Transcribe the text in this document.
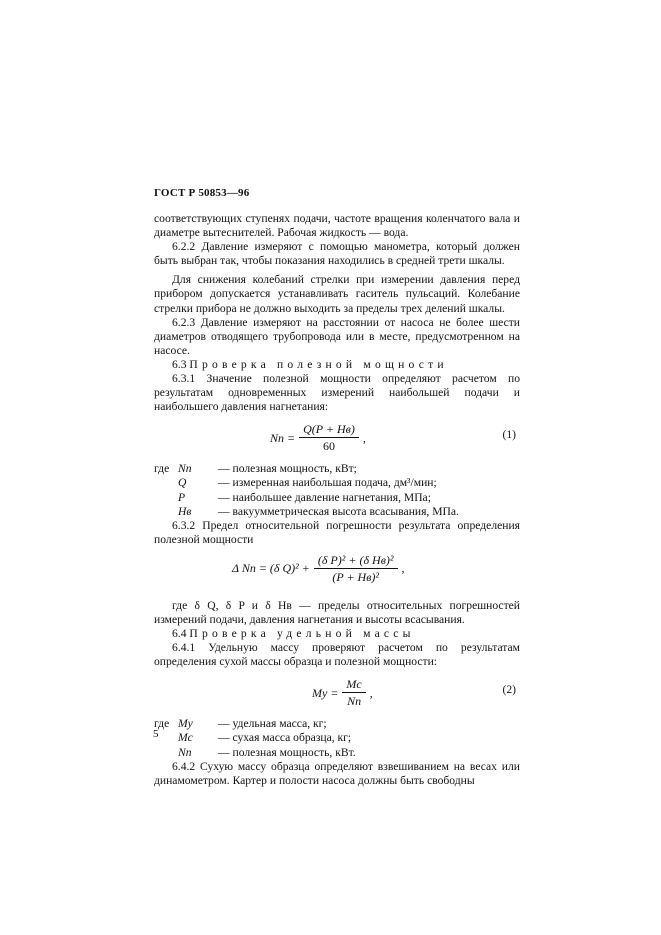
ГОСТ Р 50853—96

соответствующих ступенях подачи, частоте вращения коленчатого вала и диаметре вытеснителей. Рабочая жидкость — вода.

6.2.2 Давление измеряют с помощью манометра, который должен быть выбран так, чтобы показания находились в средней трети шкалы.

Для снижения колебаний стрелки при измерении давления перед прибором допускается устанавливать гаситель пульсаций. Колебание стрелки прибора не должно выходить за пределы трех делений шкалы.

6.2.3 Давление измеряют на расстоянии от насоса не более шести диаметров отводящего трубопровода или в месте, предусмотренном на насосе.

6.3 Проверка полезной мощности

6.3.1 Значение полезной мощности определяют расчетом по результатам одновременных измерений наибольшей подачи и наибольшего давления нагнетания:

Nп = $\frac{Q(P + Hв)}{60}$ ,	(1)
где Nп	— полезная мощность, кВт;
Q	— измеренная наибольшая подача, дм³/мин;
P	— наибольшее давление нагнетания, МПа;
Hв	— вакуумметрическая высота всасывания, МПа.

6.3.2 Предел относительной погрешности результата определения полезной мощности

Δ Nп = (δ $Q)^2 + \frac{\text{(δ P)² + (δ Hв)²}}{\text{(P + Hв)²}}$ ,

где δ Q, δ P и δ Hв — пределы относительных погрешностей измерений подачи, давления нагнетания и высоты всасывания.

6.4 Проверка удельной массы

6.4.1 Удельную массу проверяют расчетом по результатам определения сухой массы образца и полезной мощности:

Mу = $\frac{Mс}{Nп}$ ,	(2)
где Mу	— удельная масса, кг;
Mс	— сухая масса образца, кг;
Nп	— полезная мощность, кВт.

6.4.2 Сухую массу образца определяют взвешиванием на весах или динамометром. Картер и полости насоса должны быть свободны

5
